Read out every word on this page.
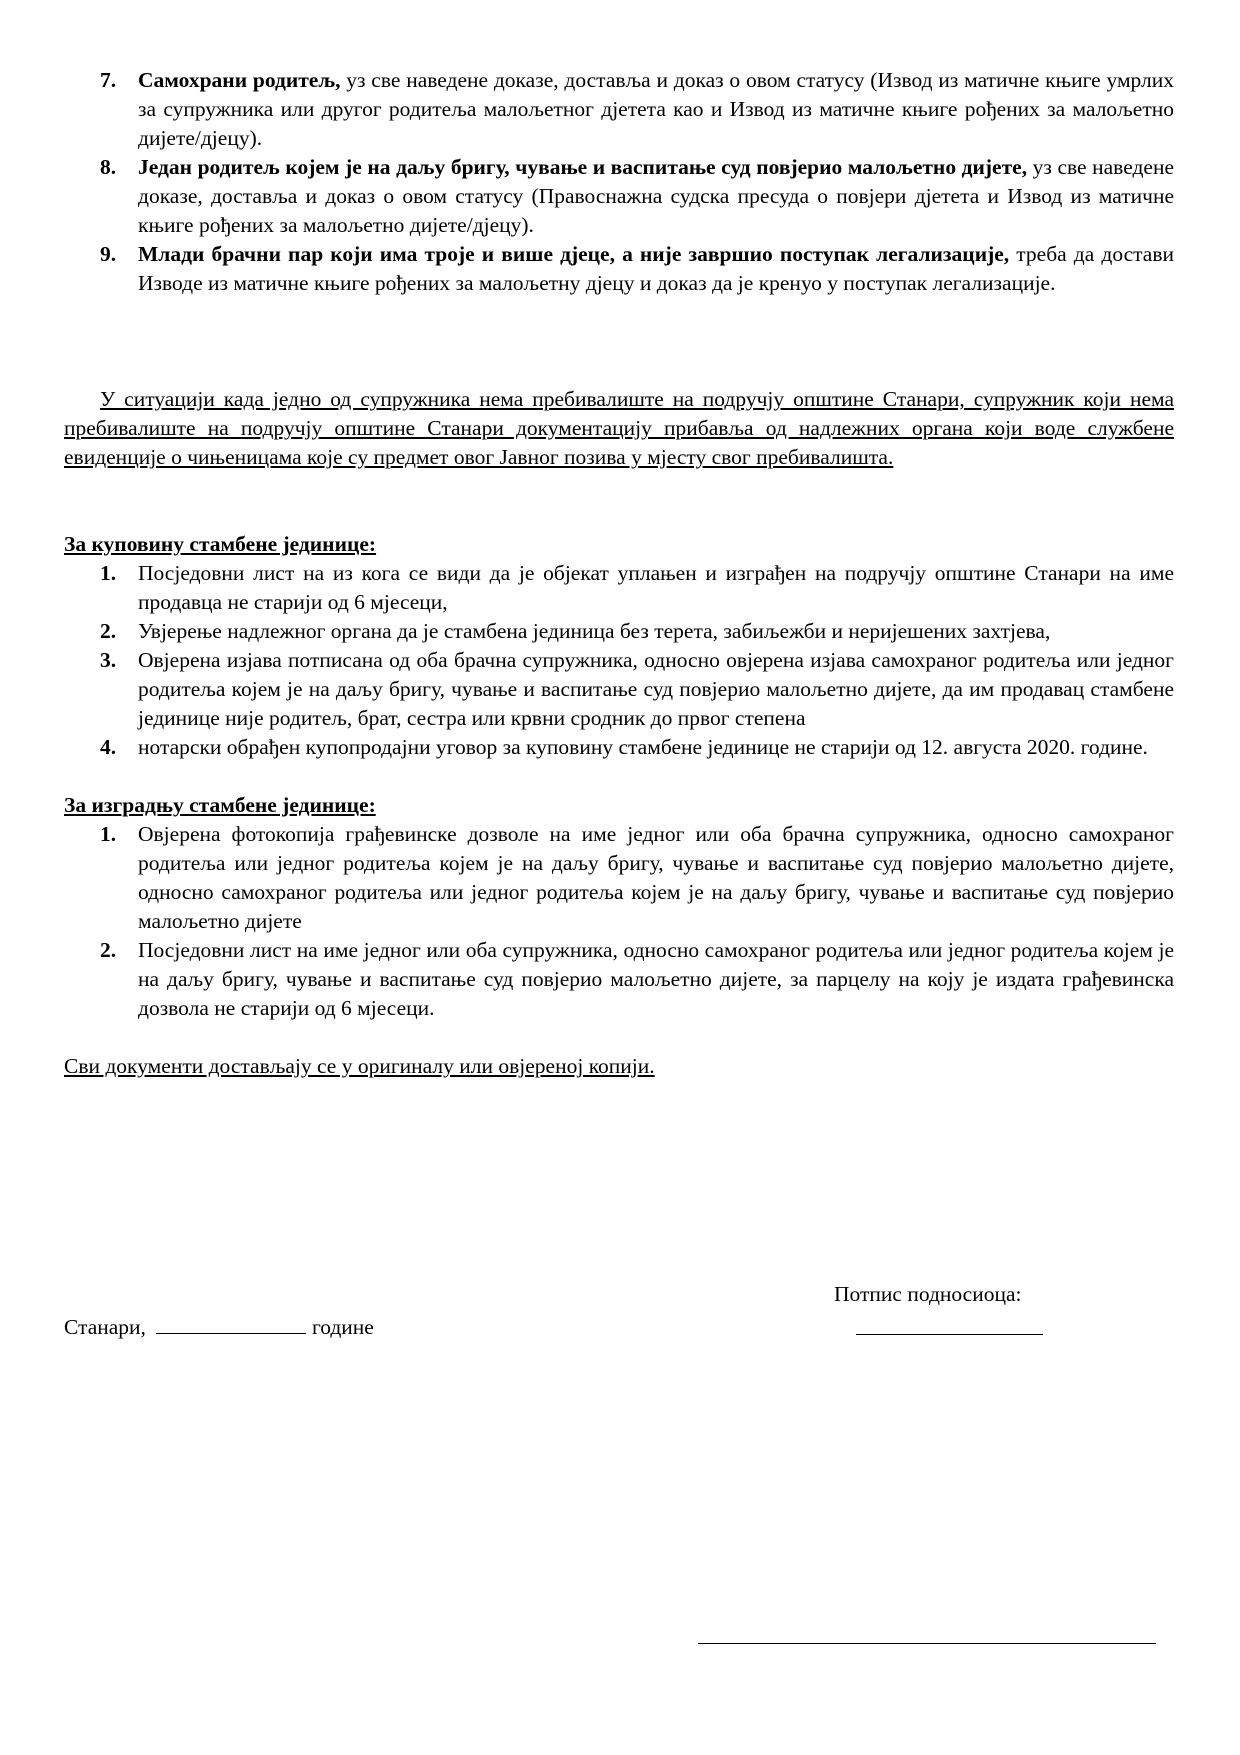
7. Самохрани родитељ, уз све наведене доказе, доставља и доказ о овом статусу (Извод из матичне књиге умрлих за супружника или другог родитеља малољетног дјетета као и Извод из матичне књиге рођених за малољетно дијете/дјецу).
8. Један родитељ којем је на даљу бригу, чување и васпитање суд повјерио малољетно дијете, уз све наведене доказе, доставља и доказ о овом статусу (Правоснажна судска пресуда о повјери дјетета и Извод из матичне књиге рођених за малољетно дијете/дјецу).
9. Млади брачни пар који има троје и више дјеце, а није завршио поступак легализације, треба да достави Изводе из матичне књиге рођених за малољетну дјецу и доказ да је кренуо у поступак легализације.

У ситуацији када једно од супружника нема пребивалиште на подручју општине Станари, супружник који нема пребивалиште на подручју општине Станари документацију прибавља од надлежних органа који воде службене евиденције о чињеницама које су предмет овог Јавног позива у мјесту свог пребивалишта.

За куповину стамбене јединице:
1. Посједовни лист на из кога се види да је објекат уплањен и изграђен на подручју општине Станари на име продавца не старији од 6 мјесеци,
2. Увјерење надлежног органа да је стамбена јединица без терета, забиљежби и неријешених захтјева,
3. Овјерена изјава потписана од оба брачна супружника, односно овјерена изјава самохраног родитеља или једног родитеља којем је на даљу бригу, чување и васпитање суд повјерио малољетно дијете, да им продавац стамбене јединице није родитељ, брат, сестра или крвни сродник до првог степена
4. нотарски обрађен купопродајни уговор за куповину стамбене јединице не старији од 12. августа 2020. године.
За изградњу стамбене јединице:
1. Овјерена фотокопија грађевинске дозволе на име једног или оба брачна супружника, односно самохраног родитеља или једног родитеља којем је на даљу бригу, чување и васпитање суд повјерио малољетно дијете, односно самохраног родитеља или једног родитеља којем је на даљу бригу, чување и васпитање суд повјерио малољетно дијете
2. Посједовни лист на име једног или оба супружника, односно самохраног родитеља или једног родитеља којем је на даљу бригу, чување и васпитање суд повјерио малољетно дијете, за парцелу на коју је издата грађевинска дозвола не старији од 6 мјесеци.
Сви документи достављају се у оригиналу или овјереној копији.
Потпис подносиоца:
Станари,	године
